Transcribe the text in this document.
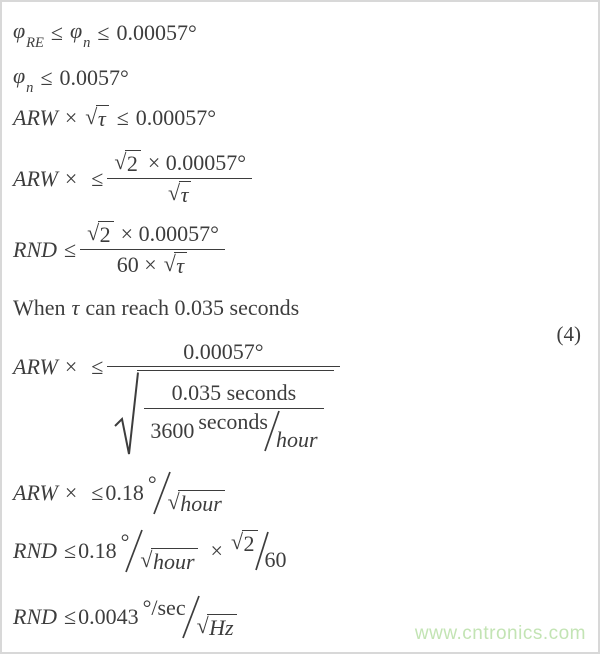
$\varphi_{RE} \le \varphi_n \le 0.00057^\circ$
$\varphi_n \le 0.0057^\circ$
ARW × √ τ ≤ 0.00057°
ARW × ≤ $\frac{√ 2 \times 0.00057^\circ}{√ \tau}$
RND ≤ $\frac{√ 2 \times 0.00057^\circ}{60 \times √ \tau}$
When τ can reach 0.035 seconds
ARW × ≤
0.00057°
0.035 seconds
3600 seconds
hour
(4)
ARW × ≤ 0.18 °
√ hour
RND ≤ 0.18 °
√ hour × √ 2
60
RND ≤ 0.0043 °/sec
√ Hz	www.cntronics.com
